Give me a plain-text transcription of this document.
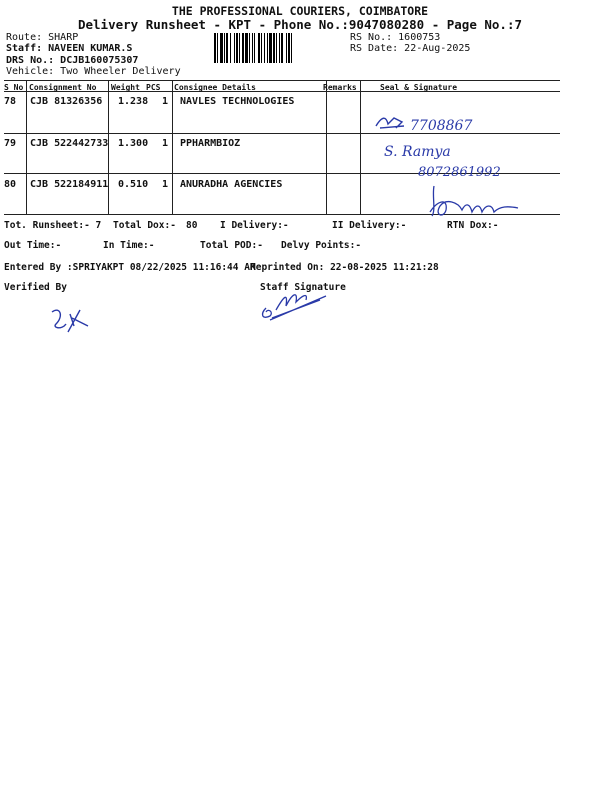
THE PROFESSIONAL COURIERS, COIMBATORE
Delivery Runsheet - KPT - Phone No.:9047080280 - Page No.:7
Route: SHARP
Staff: NAVEEN KUMAR.S
DRS No.: DCJB160075307
Vehicle: Two Wheeler Delivery
RS No.: 1600753
RS Date: 22-Aug-2025
S No Consignment No Weight PCS Consignee Details	Remarks	Seal & Signature
78 CJB 81326356 1.238 1 NAVLES TECHNOLOGIES
79 CJB 522442733 1.300 1 PPHARMBIOZ
80 CJB 522184911 0.510 1 ANURADHA AGENCIES
7708867
S. Ramya
8072861992
Tot. Runsheet:- 7 Total Dox:- 80 I Delivery:-	II Delivery:-	RTN Dox:-
Out Time:-	In Time:-	Total POD:- Delvy Points:-
Entered By :SPRIYAKPT 08/22/2025 11:16:44 AM
Reprinted On: 22-08-2025 11:21:28
Verified By	Staff Signature
